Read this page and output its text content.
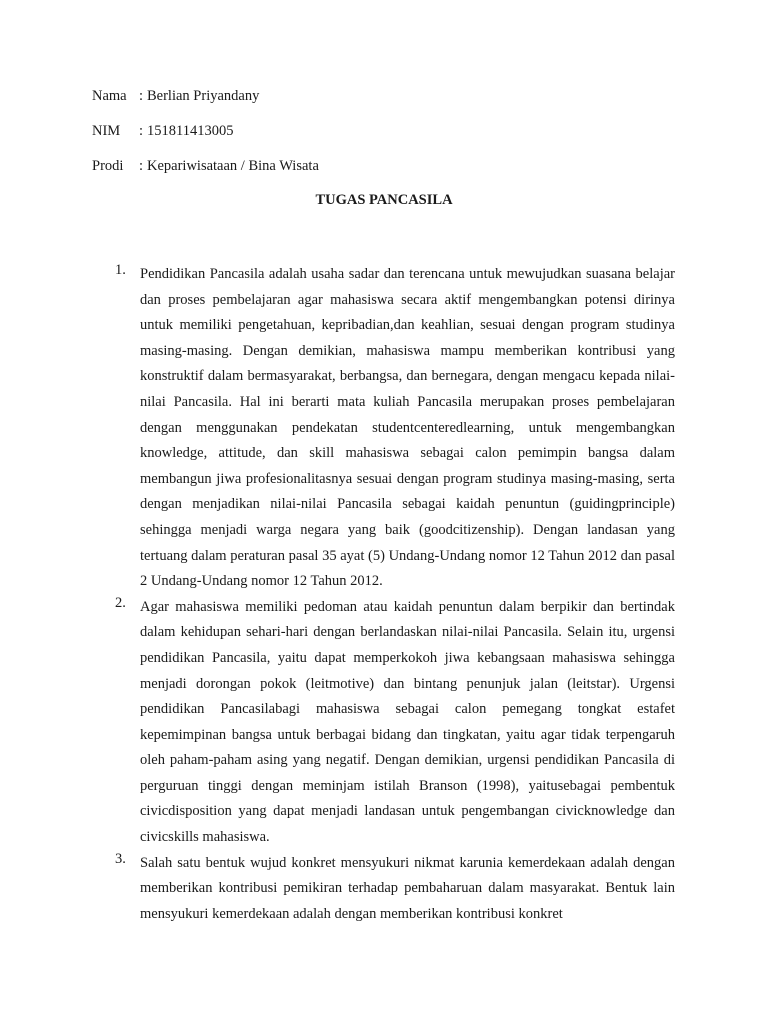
Nama : Berlian Priyandany
NIM : 151811413005
Prodi : Kepariwisataan / Bina Wisata
TUGAS PANCASILA
1. Pendidikan Pancasila adalah usaha sadar dan terencana untuk mewujudkan suasana belajar dan proses pembelajaran agar mahasiswa secara aktif mengembangkan potensi dirinya untuk memiliki pengetahuan, kepribadian,dan keahlian, sesuai dengan program studinya masing-masing. Dengan demikian, mahasiswa mampu memberikan kontribusi yang konstruktif dalam bermasyarakat, berbangsa, dan bernegara, dengan mengacu kepada nilai-nilai Pancasila. Hal ini berarti mata kuliah Pancasila merupakan proses pembelajaran dengan menggunakan pendekatan studentcenteredlearning, untuk mengembangkan knowledge, attitude, dan skill mahasiswa sebagai calon pemimpin bangsa dalam membangun jiwa profesionalitasnya sesuai dengan program studinya masing-masing, serta dengan menjadikan nilai-nilai Pancasila sebagai kaidah penuntun (guidingprinciple) sehingga menjadi warga negara yang baik (goodcitizenship). Dengan landasan yang tertuang dalam peraturan pasal 35 ayat (5) Undang-Undang nomor 12 Tahun 2012 dan pasal 2 Undang-Undang nomor 12 Tahun 2012.

2. Agar mahasiswa memiliki pedoman atau kaidah penuntun dalam berpikir dan bertindak dalam kehidupan sehari-hari dengan berlandaskan nilai-nilai Pancasila. Selain itu, urgensi pendidikan Pancasila, yaitu dapat memperkokoh jiwa kebangsaan mahasiswa sehingga menjadi dorongan pokok (leitmotive) dan bintang penunjuk jalan (leitstar). Urgensi pendidikan Pancasilabagi mahasiswa sebagai calon pemegang tongkat estafet kepemimpinan bangsa untuk berbagai bidang dan tingkatan, yaitu agar tidak terpengaruh oleh paham-paham asing yang negatif. Dengan demikian, urgensi pendidikan Pancasila di perguruan tinggi dengan meminjam istilah Branson (1998), yaitusebagai pembentuk civicdisposition yang dapat menjadi landasan untuk pengembangan civicknowledge dan civicskills mahasiswa.

3. Salah satu bentuk wujud konkret mensyukuri nikmat karunia kemerdekaan adalah dengan memberikan kontribusi pemikiran terhadap pembaharuan dalam masyarakat. Bentuk lain mensyukuri kemerdekaan adalah dengan memberikan kontribusi konkret
